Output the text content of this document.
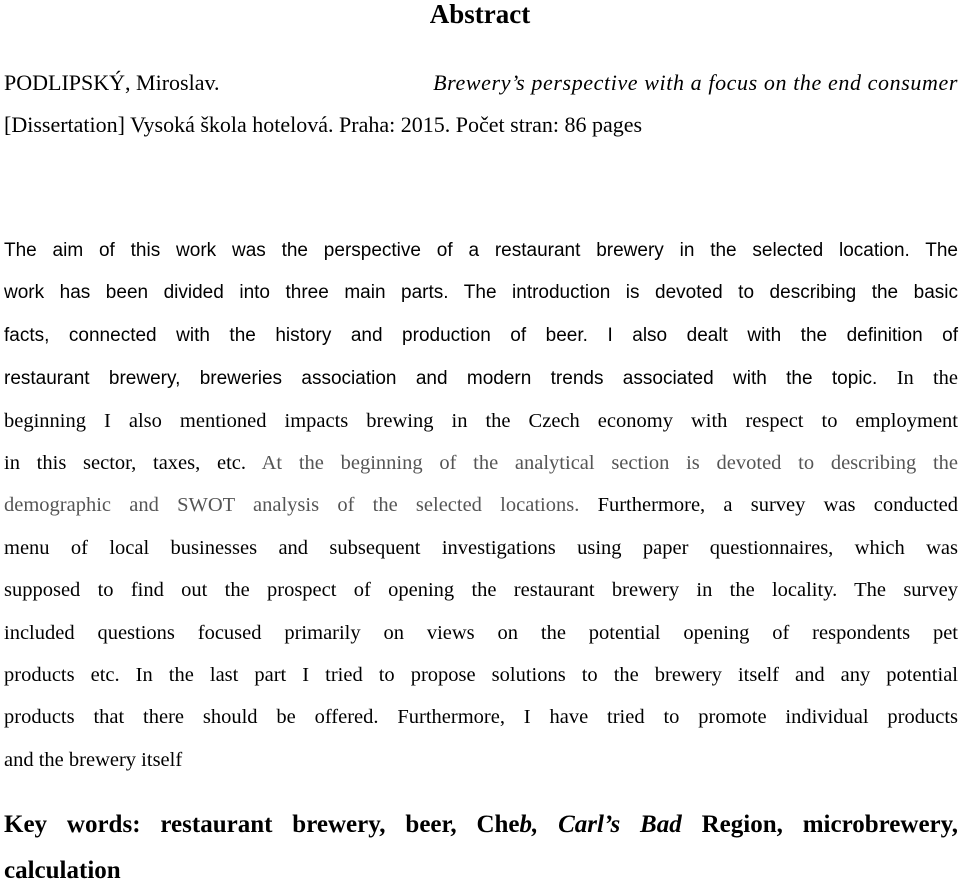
Abstract
PODLIPSKÝ, Miroslav.	Brewery’s perspective with a focus on the end consumer
[Dissertation] Vysoká škola hotelová. Praha: 2015. Počet stran: 86 pages
The aim of this work was the perspective of a restaurant brewery in the selected location. The
work has been divided into three main parts. The introduction is devoted to describing the basic
facts, connected with the history and production of beer. I also dealt with the definition of
restaurant brewery, breweries association and modern trends associated with the topic. In the
beginning I also mentioned impacts brewing in the Czech economy with respect to employment
in this sector, taxes, etc. At the beginning of the analytical section is devoted to describing the
demographic and SWOT analysis of the selected locations. Furthermore, a survey was conducted
menu of local businesses and subsequent investigations using paper questionnaires, which was
supposed to find out the prospect of opening the restaurant brewery in the locality. The survey
included questions focused primarily on views on the potential opening of respondents pet
products etc. In the last part I tried to propose solutions to the brewery itself and any potential
products that there should be offered. Furthermore, I have tried to promote individual products
and the brewery itself
Key words: restaurant brewery, beer, Cheb, Carl’s Bad Region, microbrewery,
calculation
